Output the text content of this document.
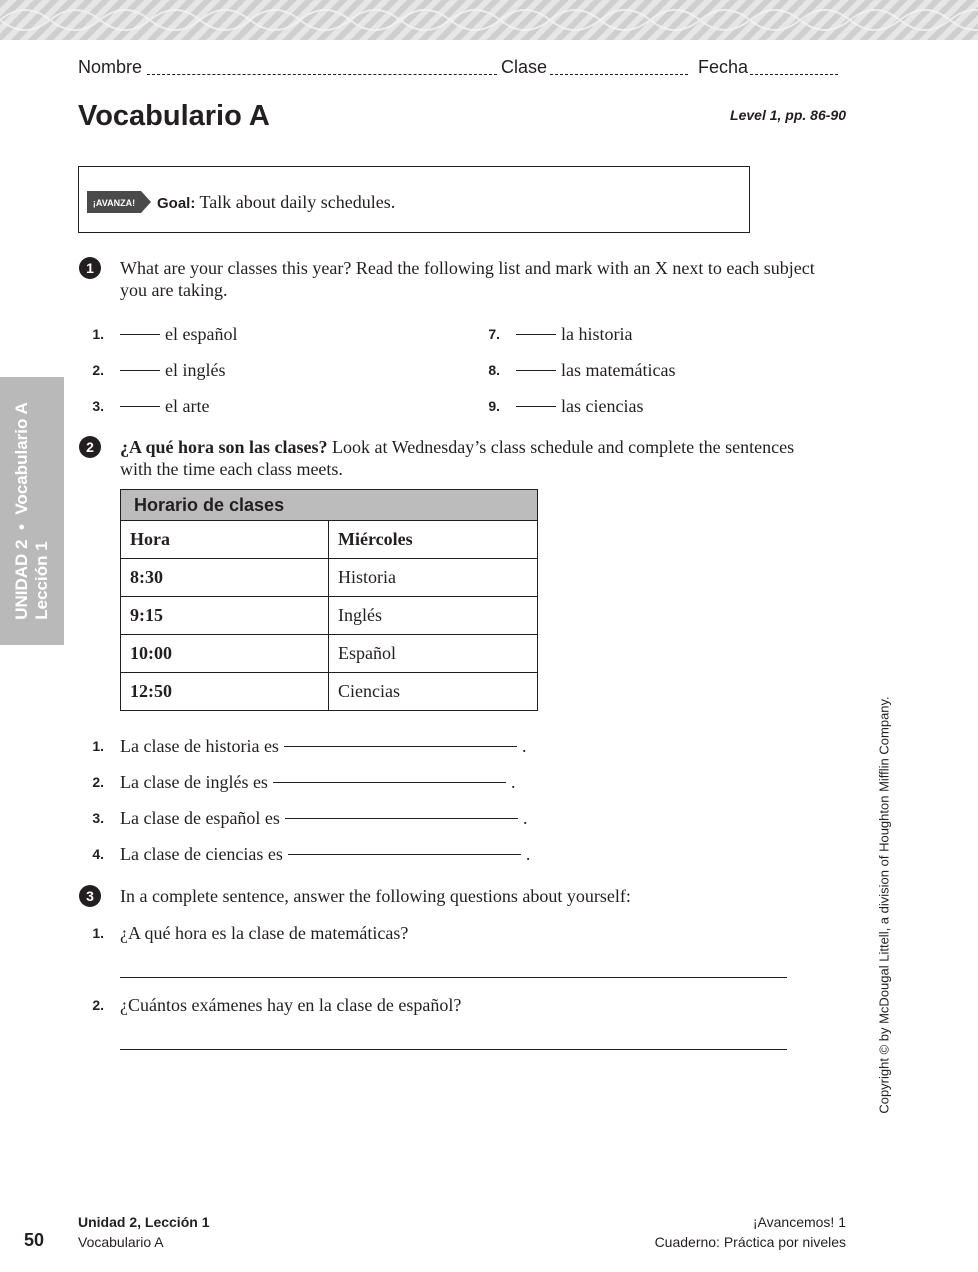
Nombre	Clase	Fecha
Vocabulario A	Level 1, pp. 86-90
¡AVANZA! Goal: Talk about daily schedules.
UNIDAD 2  •  Vocabulario A Lección 1
1	What are your classes this year? Read the following list and mark with an X next to each subject you are taking.
1.	el español
2.	el inglés
3.	el arte
7.	la historia
8.	las matemáticas
9.	las ciencias
2	¿A qué hora son las clases? Look at Wednesday’s class schedule and complete the sentences with the time each class meets.
Horario de clases	
Hora	Miércoles
8:30	Historia
9:15	Inglés
10:00	Español
12:50	Ciencias
1. La clase de historia es	.
2. La clase de inglés es	.
3. La clase de español es	.
4. La clase de ciencias es	.
3	In a complete sentence, answer the following questions about yourself:
1. ¿A qué hora es la clase de matemáticas?
2. ¿Cuántos exámenes hay en la clase de español?	Copyright © by McDougal Littell, a division of Houghton Mifflin Company.
50
Unidad 2, Lección 1
Vocabulario A
¡Avancemos! 1
Cuaderno: Práctica por niveles
